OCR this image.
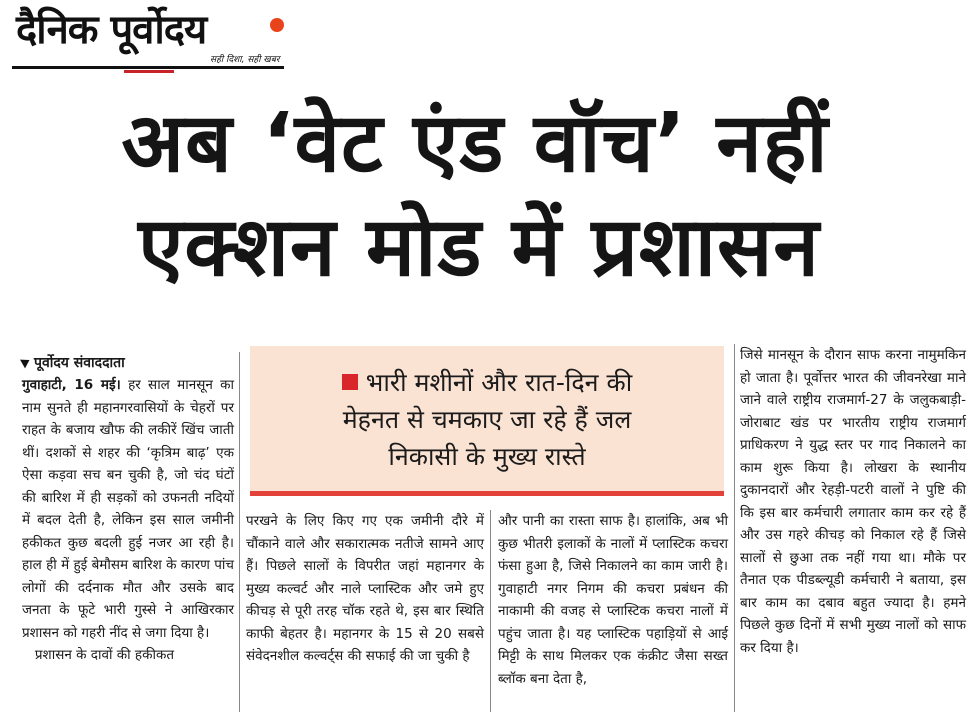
दैनिक पूर्वोदय
सही दिशा, सही खबर
अब ‘वेट एंड वॉच’ नहीं
एक्शन मोड में प्रशासन
पूर्वोदय संवाददाता

गुवाहाटी, 16 मई। हर साल मानसून का नाम सुनते ही महानगरवासियों के चेहरों पर राहत के बजाय खौफ की लकीरें खिंच जाती थीं। दशकों से शहर की ‘कृत्रिम बाढ़’ एक ऐसा कड़वा सच बन चुकी है, जो चंद घंटों की बारिश में ही सड़कों को उफनती नदियों में बदल देती है, लेकिन इस साल जमीनी हकीकत कुछ बदली हुई नजर आ रही है। हाल ही में हुई बेमौसम बारिश के कारण पांच लोगों की दर्दनाक मौत और उसके बाद जनता के फूटे भारी गुस्से ने आखिरकार प्रशासन को गहरी नींद से जगा दिया है।

प्रशासन के दावों की हकीकत

भारी मशीनों और रात-दिन की
मेहनत से चमकाए जा रहे हैं जल
निकासी के मुख्य रास्ते

परखने के लिए किए गए एक जमीनी दौरे में चौंकाने वाले और सकारात्मक नतीजे सामने आए हैं। पिछले सालों के विपरीत जहां महानगर के मुख्य कल्वर्ट और नाले प्लास्टिक और जमे हुए कीचड़ से पूरी तरह चॉक रहते थे, इस बार स्थिति काफी बेहतर है। महानगर के 15 से 20 सबसे संवेदनशील कल्वर्ट्स की सफाई की जा चुकी है

और पानी का रास्ता साफ है। हालांकि, अब भी कुछ भीतरी इलाकों के नालों में प्लास्टिक कचरा फंसा हुआ है, जिसे निकालने का काम जारी है। गुवाहाटी नगर निगम की कचरा प्रबंधन की नाकामी की वजह से प्लास्टिक कचरा नालों में पहुंच जाता है। यह प्लास्टिक पहाड़ियों से आई मिट्टी के साथ मिलकर एक कंक्रीट जैसा सख्त ब्लॉक बना देता है,

जिसे मानसून के दौरान साफ करना नामुमकिन हो जाता है। पूर्वोत्तर भारत की जीवनरेखा माने जाने वाले राष्ट्रीय राजमार्ग-27 के जलुकबाड़ी-जोराबाट खंड पर भारतीय राष्ट्रीय राजमार्ग प्राधिकरण ने युद्ध स्तर पर गाद निकालने का काम शुरू किया है। लोखरा के स्थानीय दुकानदारों और रेहड़ी-पटरी वालों ने पुष्टि की कि इस बार कर्मचारी लगातार काम कर रहे हैं और उस गहरे कीचड़ को निकाल रहे हैं जिसे सालों से छुआ तक नहीं गया था। मौके पर तैनात एक पीडब्ल्यूडी कर्मचारी ने बताया, इस बार काम का दबाव बहुत ज्यादा है। हमने पिछले कुछ दिनों में सभी मुख्य नालों को साफ कर दिया है।
